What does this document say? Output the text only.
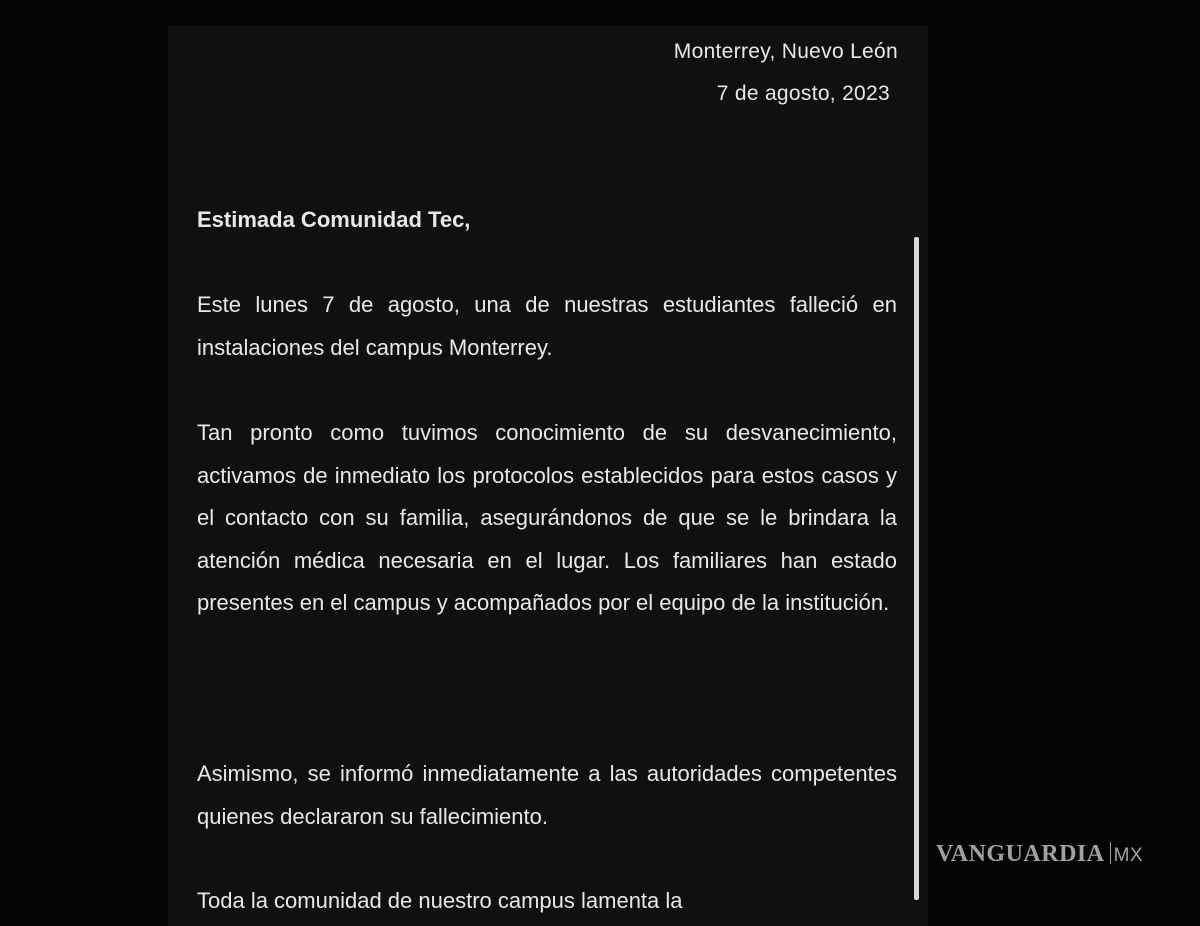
Monterrey, Nuevo León
7 de agosto, 2023
Estimada Comunidad Tec,

Este lunes 7 de agosto, una de nuestras estudiantes falleció en instalaciones del campus Monterrey.

Tan pronto como tuvimos conocimiento de su desvanecimiento, activamos de inmediato los protocolos establecidos para estos casos y el contacto con su familia, asegurándonos de que se le brindara la atención médica necesaria en el lugar. Los familiares han estado presentes en el campus y acompañados por el equipo de la institución.

Asimismo, se informó inmediatamente a las autoridades competentes quienes declararon su fallecimiento.

Toda la comunidad de nuestro campus lamenta la

VANGUARDIA MX
